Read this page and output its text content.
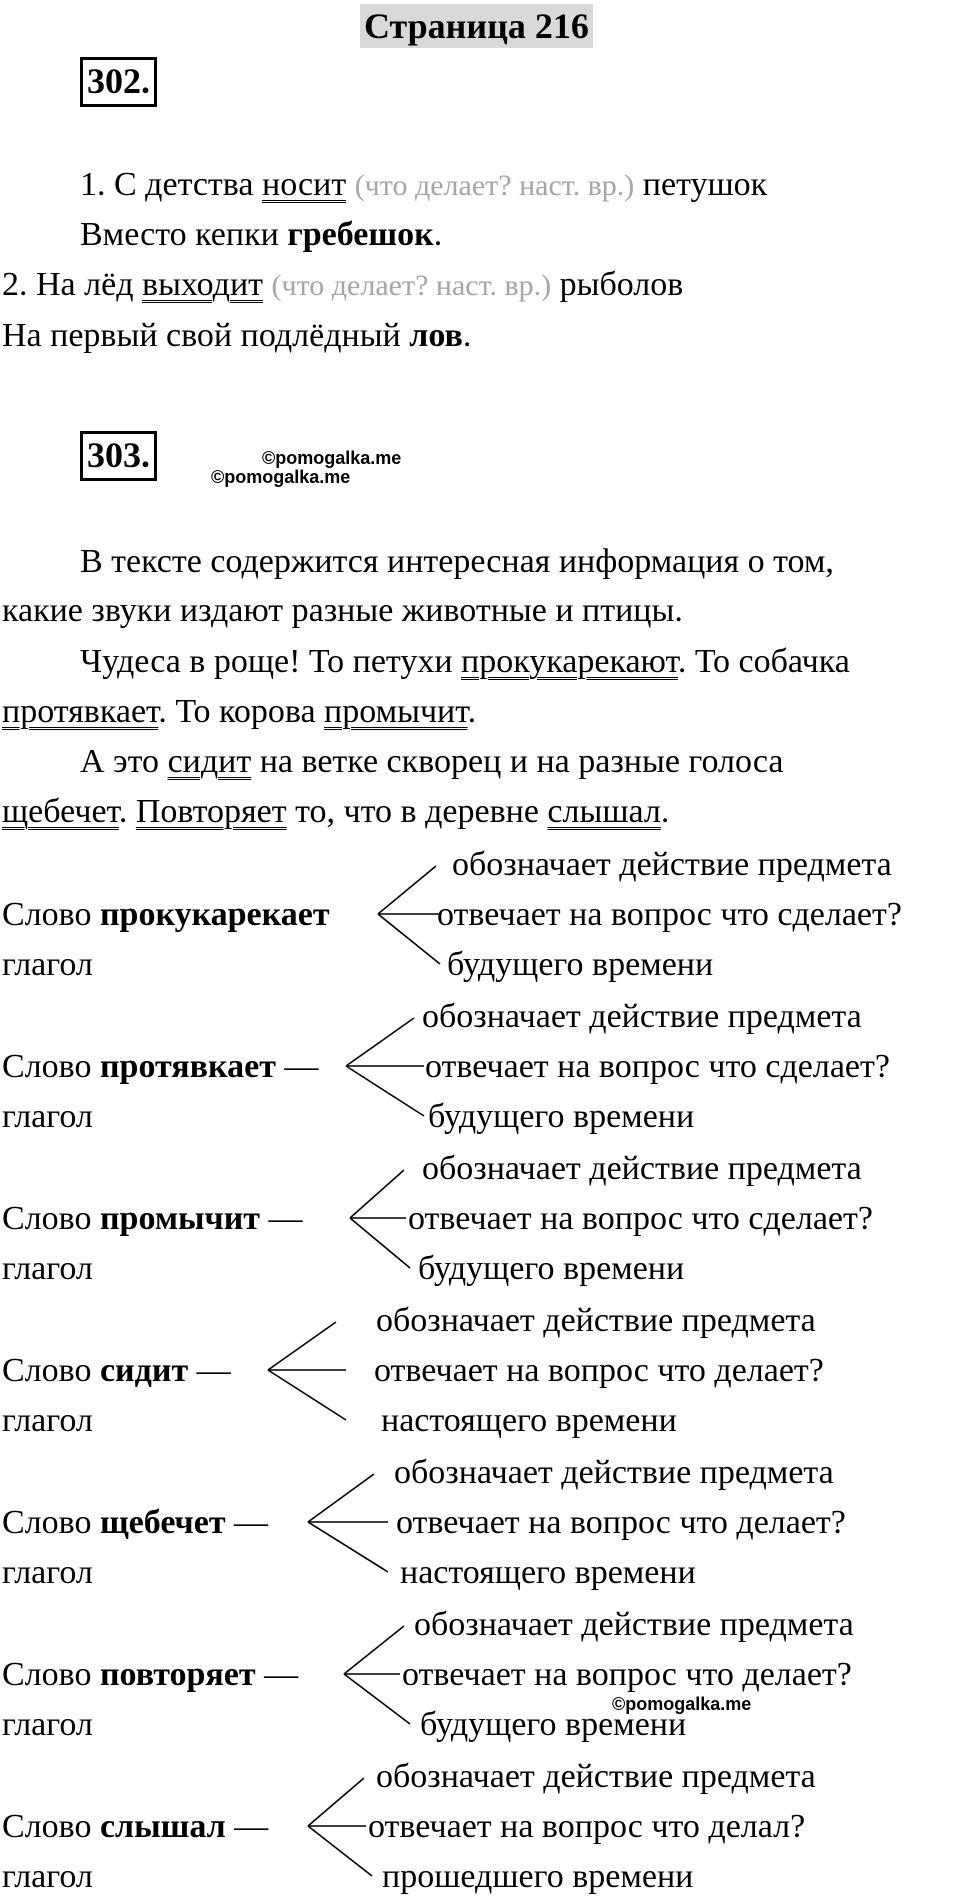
Страница 216
302.
1. С детства носит (что делает? наст. вр.) петушок
Вместо кепки гребешок.
2. На лёд выходит (что делает? наст. вр.) рыболов
На первый свой подлёдный лов.
303.	©pomogalka.me
©pomogalka.me
В тексте содержится интересная информация о том,
какие звуки издают разные животные и птицы.
Чудеса в роще! То петухи прокукарекают. То собачка
протявкает. То корова промычит.
А это сидит на ветке скворец и на разные голоса
щебечет. Повторяет то, что в деревне слышал.
обозначает действие предмета
Слово прокукарекает	отвечает на вопрос что сделает?
глагол	будущего времени
обозначает действие предмета
Слово протявкает —	отвечает на вопрос что сделает?
глагол	будущего времени
обозначает действие предмета
Слово промычит —	отвечает на вопрос что сделает?
глагол	будущего времени
обозначает действие предмета
Слово сидит —	отвечает на вопрос что делает?
глагол	настоящего времени
обозначает действие предмета
Слово щебечет —	отвечает на вопрос что делает?
глагол	настоящего времени
обозначает действие предмета
Слово повторяет —	отвечает на вопрос что делает?
глагол	будущего времени
©pomogalka.me
обозначает действие предмета
Слово слышал —	отвечает на вопрос что делал?
глагол	прошедшего времени
